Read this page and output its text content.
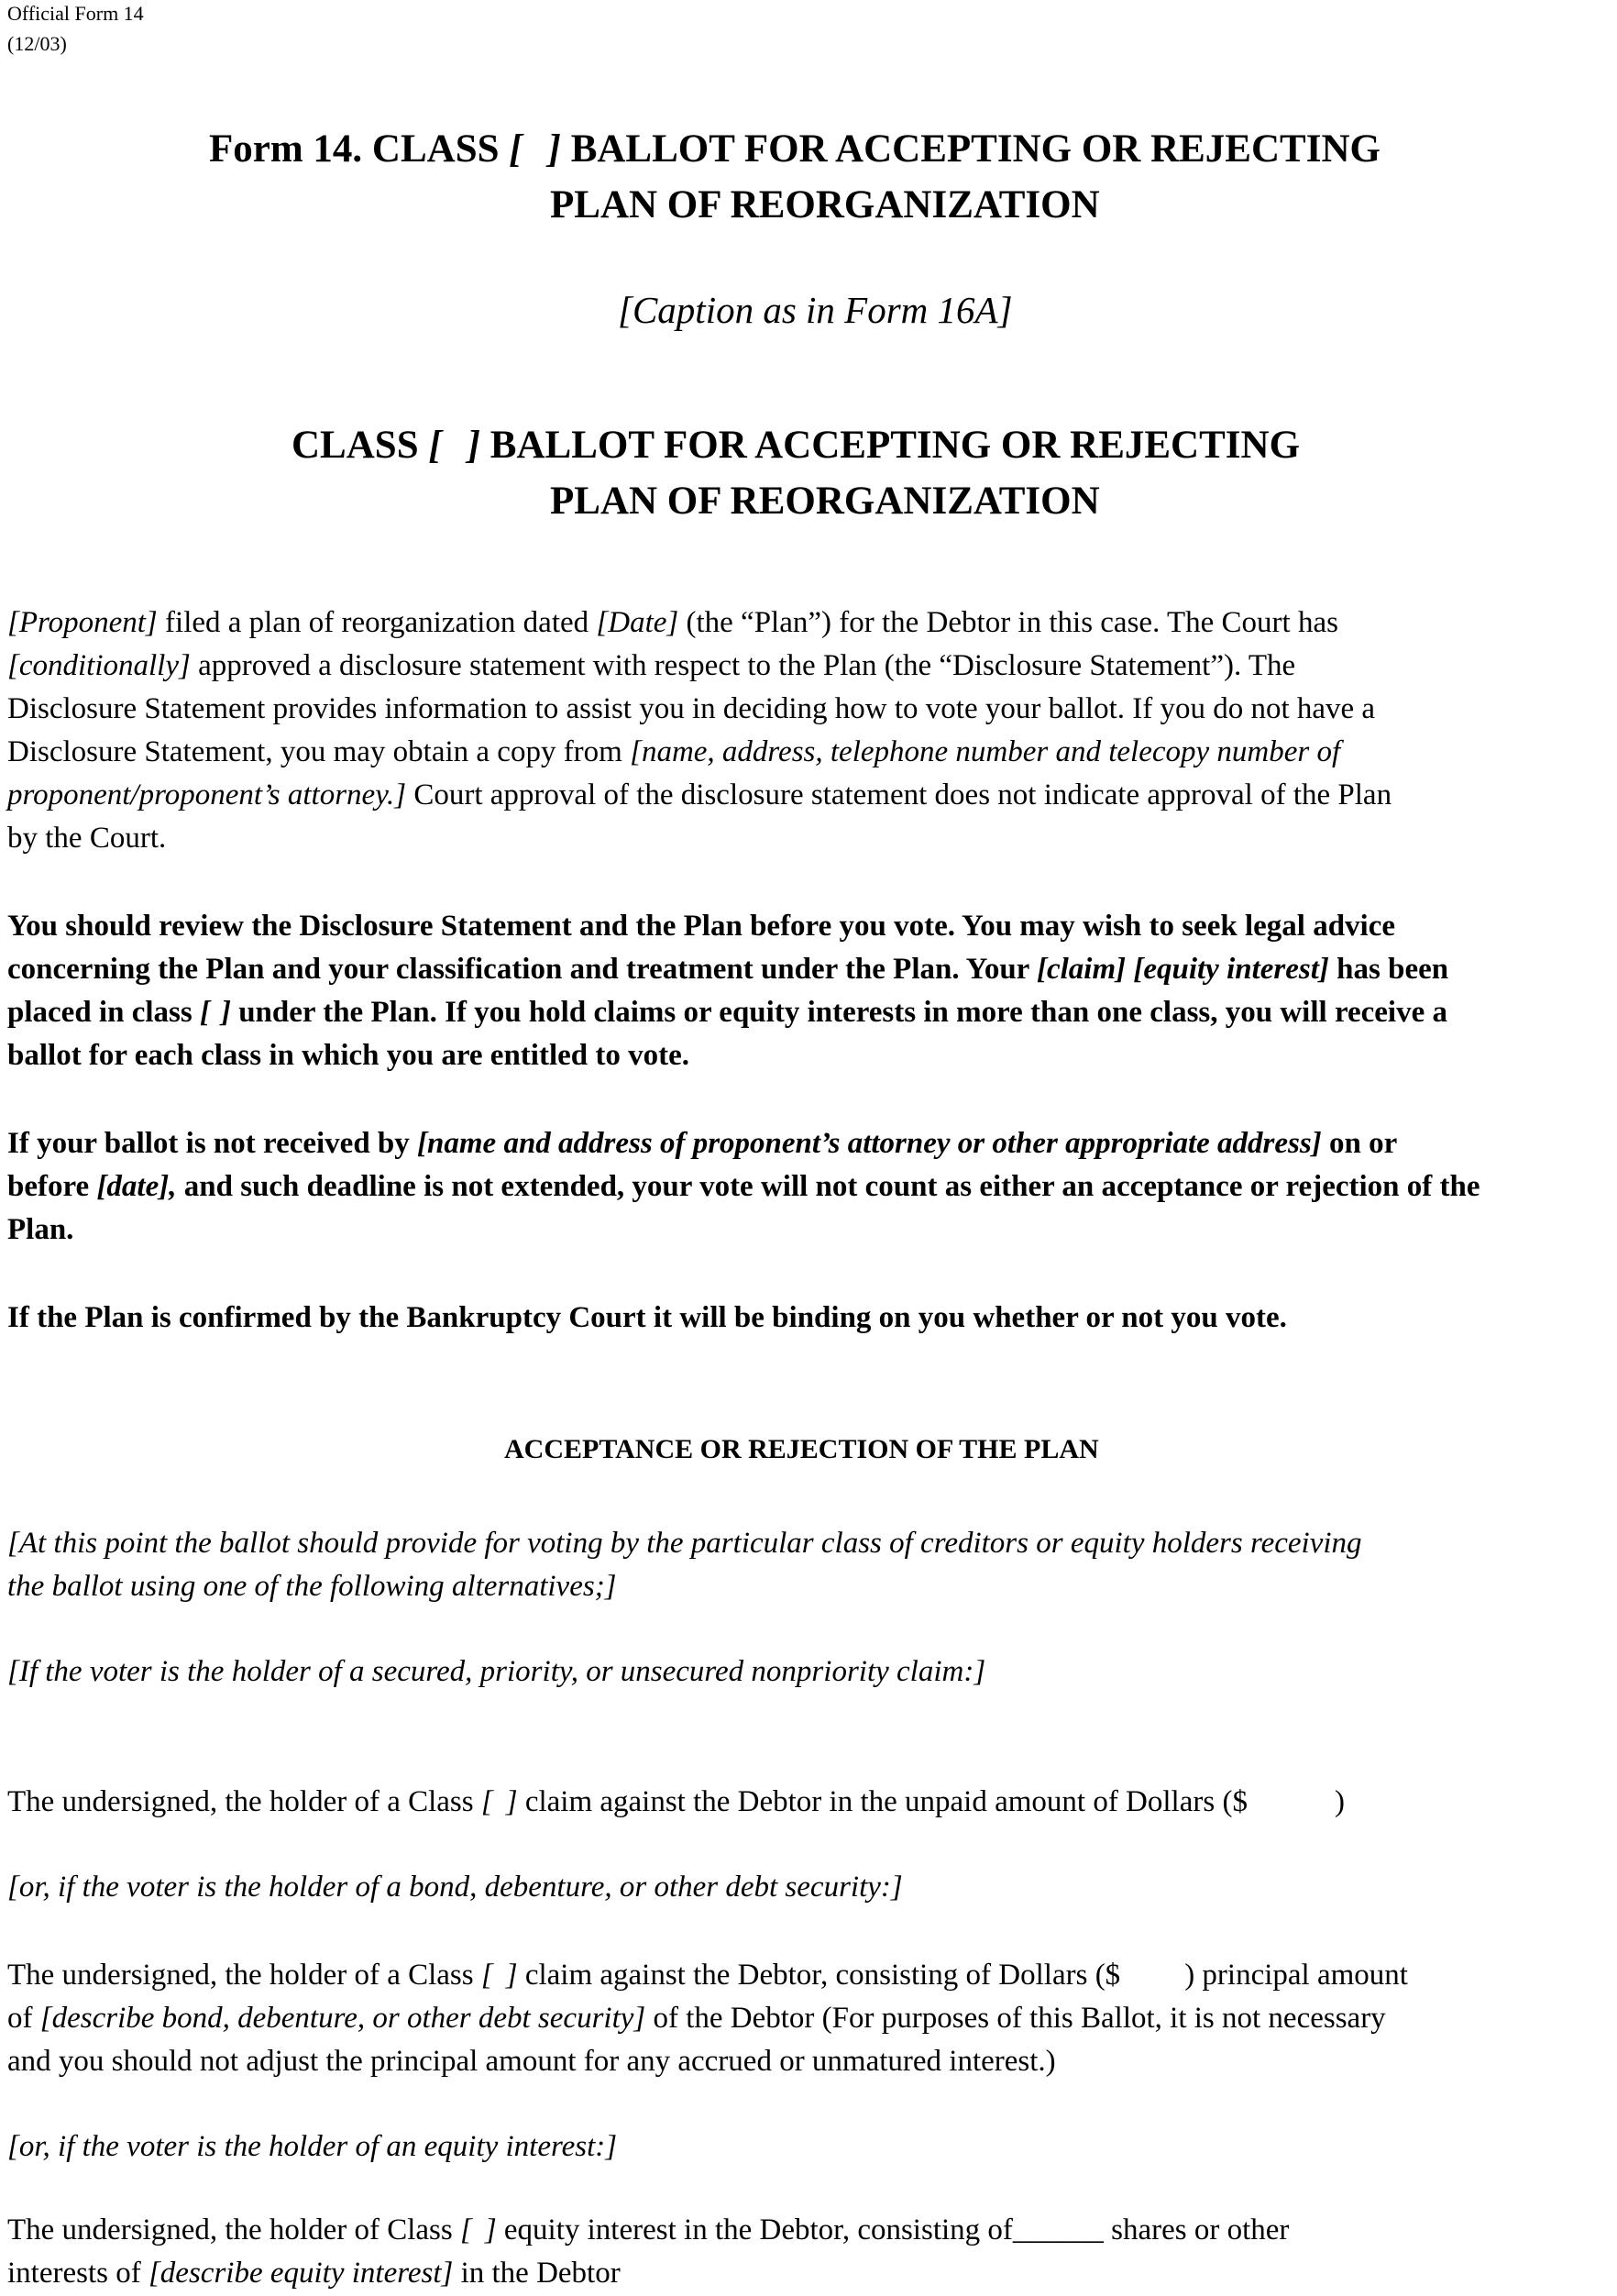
Official Form 14
(12/03)
Form 14. CLASS [ ] BALLOT FOR ACCEPTING OR REJECTING
PLAN OF REORGANIZATION
[Caption as in Form 16A]
CLASS [ ] BALLOT FOR ACCEPTING OR REJECTING
PLAN OF REORGANIZATION
[Proponent] filed a plan of reorganization dated [Date] (the “Plan”) for the Debtor in this case. The Court has
[conditionally] approved a disclosure statement with respect to the Plan (the “Disclosure Statement”). The
Disclosure Statement provides information to assist you in deciding how to vote your ballot. If you do not have a
Disclosure Statement, you may obtain a copy from [name, address, telephone number and telecopy number of
proponent/proponent’s attorney.] Court approval of the disclosure statement does not indicate approval of the Plan
by the Court.
You should review the Disclosure Statement and the Plan before you vote. You may wish to seek legal advice
concerning the Plan and your classification and treatment under the Plan. Your [claim] [equity interest] has been
placed in class [ ] under the Plan. If you hold claims or equity interests in more than one class, you will receive a
ballot for each class in which you are entitled to vote.
If your ballot is not received by [name and address of proponent’s attorney or other appropriate address] on or
before [date], and such deadline is not extended, your vote will not count as either an acceptance or rejection of the
Plan.
If the Plan is confirmed by the Bankruptcy Court it will be binding on you whether or not you vote.
ACCEPTANCE OR REJECTION OF THE PLAN
[At this point the ballot should provide for voting by the particular class of creditors or equity holders receiving
the ballot using one of the following alternatives;]
[If the voter is the holder of a secured, priority, or unsecured nonpriority claim:]
The undersigned, the holder of a Class [ ] claim against the Debtor in the unpaid amount of Dollars ($	)
[or, if the voter is the holder of a bond, debenture, or other debt security:]
The undersigned, the holder of a Class [ ] claim against the Debtor, consisting of Dollars ($ ) principal amount
of [describe bond, debenture, or other debt security] of the Debtor (For purposes of this Ballot, it is not necessary
and you should not adjust the principal amount for any accrued or unmatured interest.)
[or, if the voter is the holder of an equity interest:]
The undersigned, the holder of Class [ ] equity interest in the Debtor, consisting of______ shares or other
interests of [describe equity interest] in the Debtor
